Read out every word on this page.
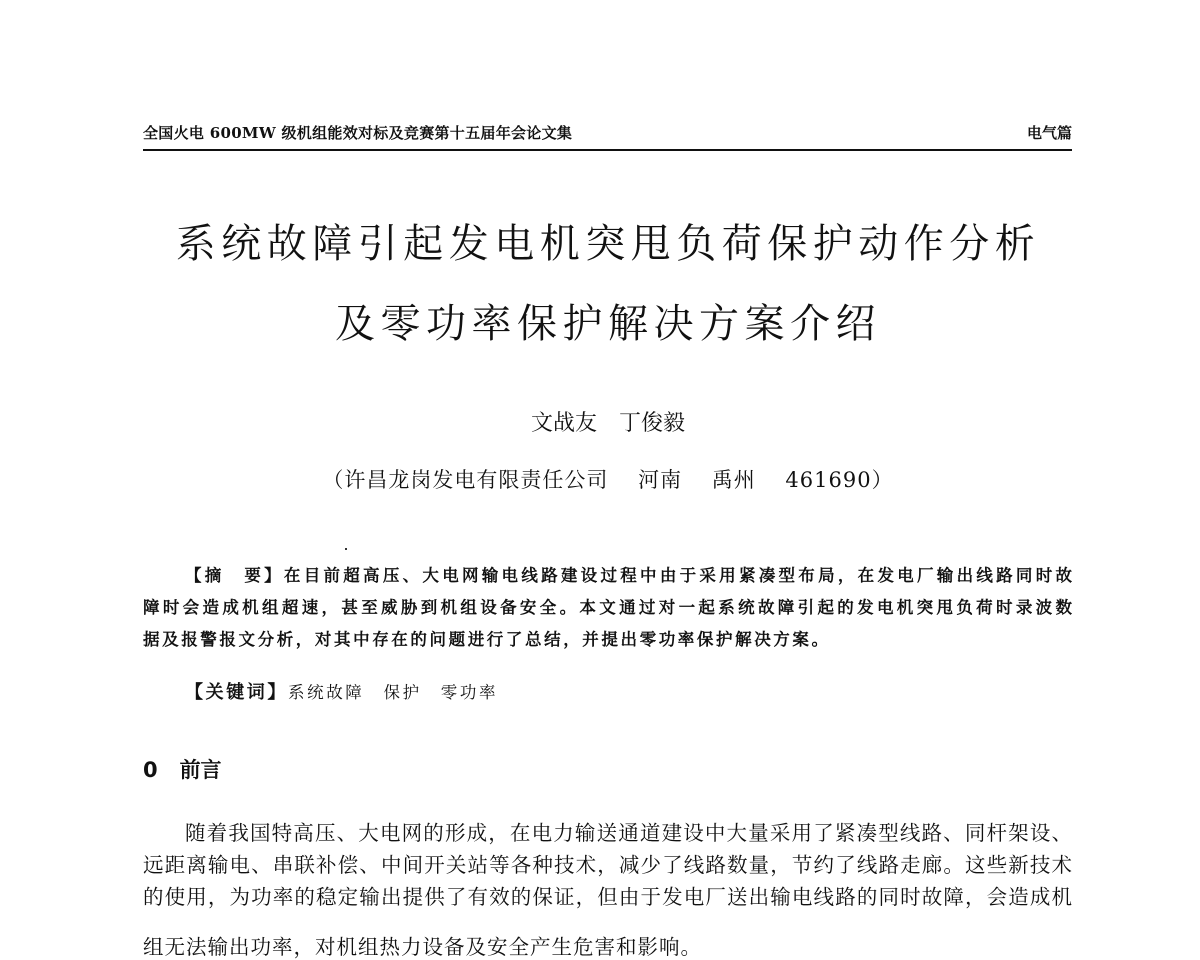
全国火电 600MW 级机组能效对标及竞赛第十五届年会论文集	电气篇
系统故障引起发电机突甩负荷保护动作分析
及零功率保护解决方案介绍
文战友　丁俊毅
（许昌龙岗发电有限责任公司　 河南　 禹州　 461690）
【摘　要】在目前超高压、大电网输电线路建设过程中由于采用紧凑型布局，在发电厂输出线路同时故
障时会造成机组超速，甚至威胁到机组设备安全。本文通过对一起系统故障引起的发电机突甩负荷时录波数
据及报警报文分析，对其中存在的问题进行了总结，并提出零功率保护解决方案。
【关键词】系统故障　保护　零功率
0 前言
随着我国特高压、大电网的形成，在电力输送通道建设中大量采用了紧凑型线路、同杆架设、
远距离输电、串联补偿、中间开关站等各种技术，减少了线路数量，节约了线路走廊。这些新技术
的使用，为功率的稳定输出提供了有效的保证，但由于发电厂送出输电线路的同时故障，会造成机
组无法输出功率，对机组热力设备及安全产生危害和影响。
